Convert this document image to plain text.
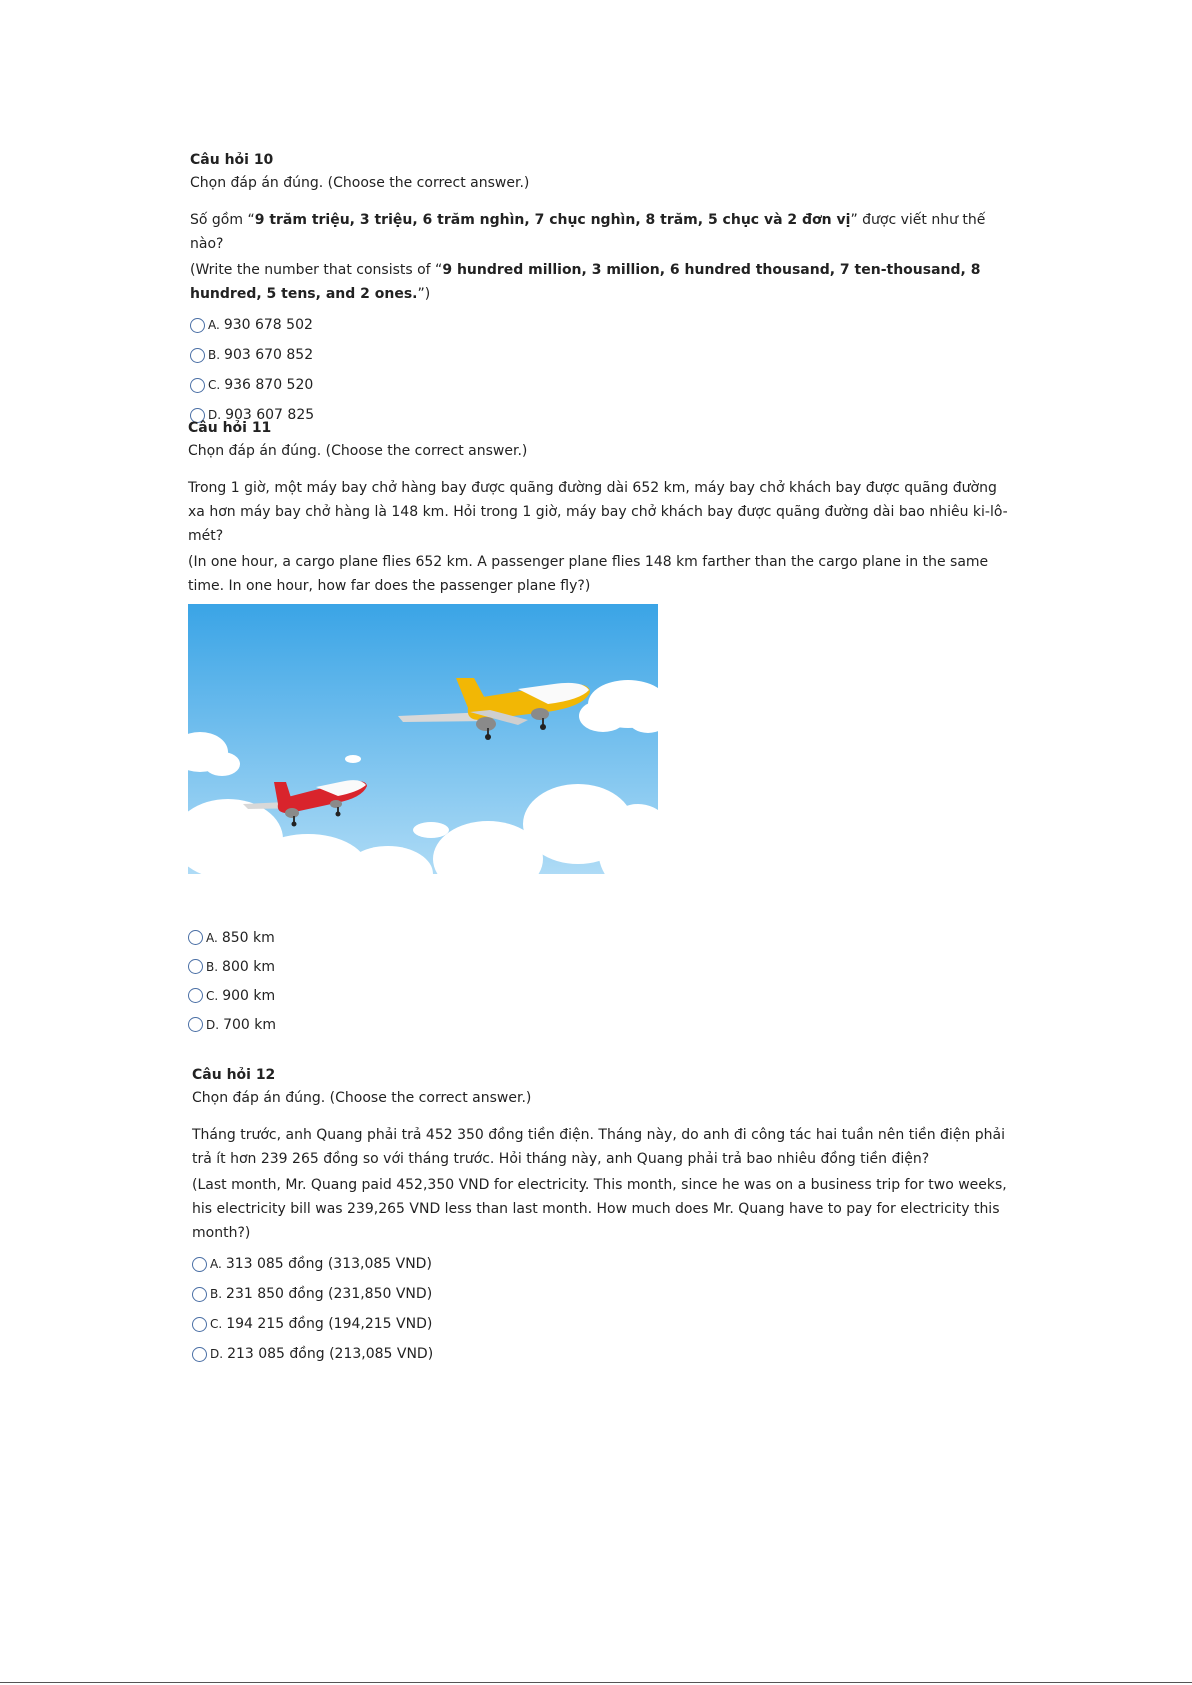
Câu hỏi 10

Chọn đáp án đúng. (Choose the correct answer.)

Số gồm “9 trăm triệu, 3 triệu, 6 trăm nghìn, 7 chục nghìn, 8 trăm, 5 chục và 2 đơn vị” được viết như thế nào?

(Write the number that consists of “9 hundred million, 3 million, 6 hundred thousand, 7 ten-thousand, 8 hundred, 5 tens, and 2 ones.”)

A. 930 678 502
B. 903 670 852
C. 936 870 520
D. 903 607 825

Câu hỏi 11

Chọn đáp án đúng. (Choose the correct answer.)

Trong 1 giờ, một máy bay chở hàng bay được quãng đường dài 652 km, máy bay chở khách bay được quãng đường xa hơn máy bay chở hàng là 148 km. Hỏi trong 1 giờ, máy bay chở khách bay được quãng đường dài bao nhiêu ki-lô-mét?

(In one hour, a cargo plane flies 652 km. A passenger plane flies 148 km farther than the cargo plane in the same time. In one hour, how far does the passenger plane fly?)

A. 850 km
B. 800 km
C. 900 km
D. 700 km

Câu hỏi 12

Chọn đáp án đúng. (Choose the correct answer.)

Tháng trước, anh Quang phải trả 452 350 đồng tiền điện. Tháng này, do anh đi công tác hai tuần nên tiền điện phải trả ít hơn 239 265 đồng so với tháng trước. Hỏi tháng này, anh Quang phải trả bao nhiêu đồng tiền điện?

(Last month, Mr. Quang paid 452,350 VND for electricity. This month, since he was on a business trip for two weeks, his electricity bill was 239,265 VND less than last month. How much does Mr. Quang have to pay for electricity this month?)

A. 313 085 đồng (313,085 VND)
B. 231 850 đồng (231,850 VND)
C. 194 215 đồng (194,215 VND)
D. 213 085 đồng (213,085 VND)
